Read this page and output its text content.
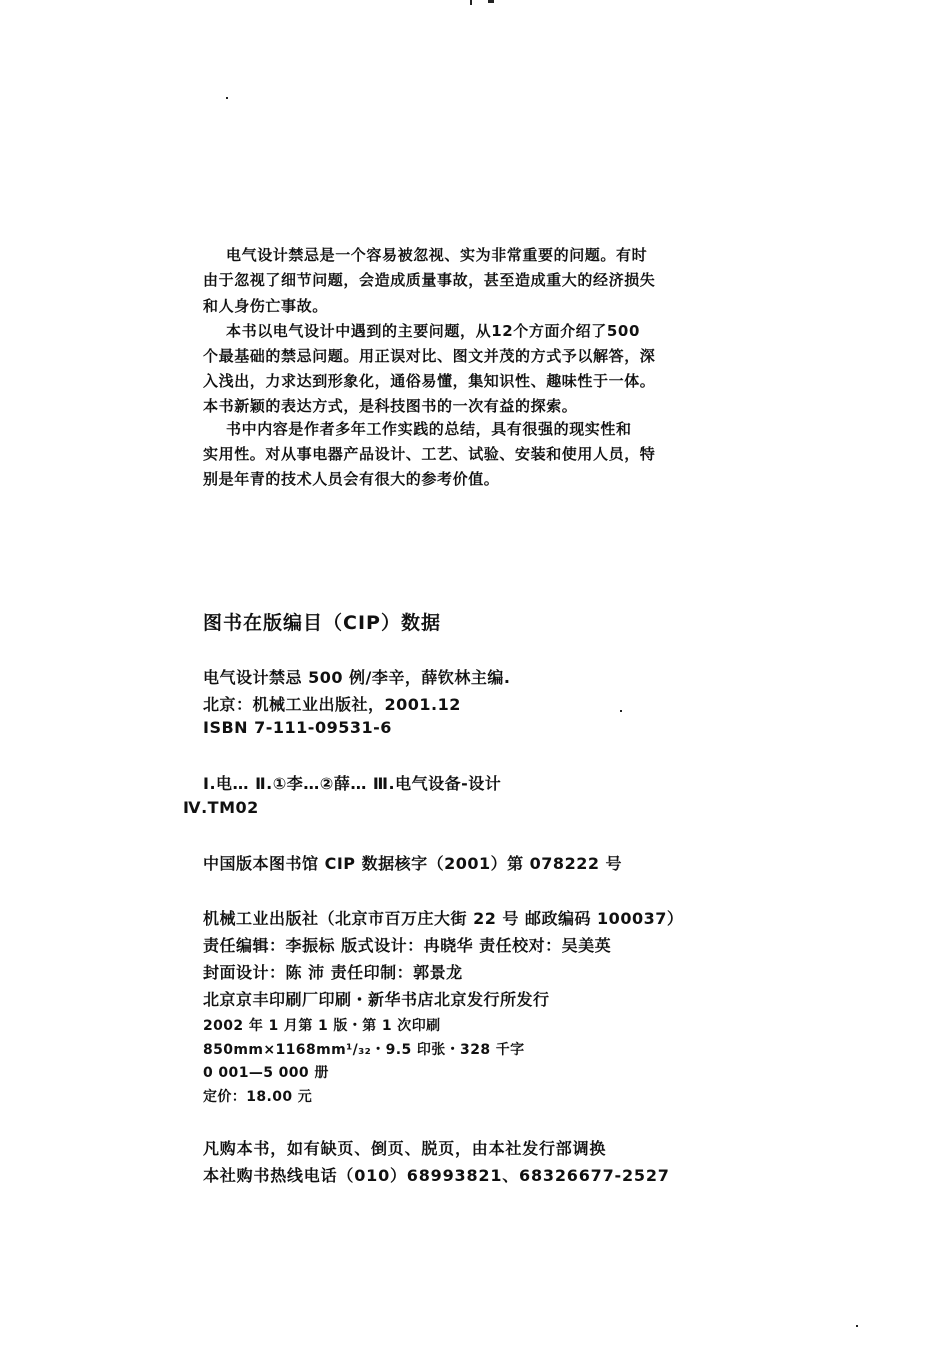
电气设计禁忌是一个容易被忽视、实为非常重要的问题。有时
由于忽视了细节问题，会造成质量事故，甚至造成重大的经济损失
和人身伤亡事故。
本书以电气设计中遇到的主要问题，从12个方面介绍了500
个最基础的禁忌问题。用正误对比、图文并茂的方式予以解答，深
入浅出，力求达到形象化，通俗易懂，集知识性、趣味性于一体。
本书新颖的表达方式，是科技图书的一次有益的探索。
书中内容是作者多年工作实践的总结，具有很强的现实性和
实用性。对从事电器产品设计、工艺、试验、安装和使用人员，特
别是年青的技术人员会有很大的参考价值。
图书在版编目（CIP）数据
电气设计禁忌 500 例/李辛，薛钦林主编.
北京：机械工业出版社，2001.12
ISBN 7-111-09531-6
Ⅰ.电… Ⅱ.①李…②薛… Ⅲ.电气设备-设计
Ⅳ.TM02
中国版本图书馆 CIP 数据核字（2001）第 078222 号
机械工业出版社（北京市百万庄大街 22 号 邮政编码 100037）
责任编辑：李振标 版式设计：冉晓华 责任校对：吴美英
封面设计：陈 沛 责任印制：郭景龙
北京京丰印刷厂印刷・新华书店北京发行所发行
2002 年 1 月第 1 版・第 1 次印刷
850mm×1168mm¹/₃₂・9.5 印张・328 千字
0 001—5 000 册
定价：18.00 元
凡购本书，如有缺页、倒页、脱页，由本社发行部调换
本社购书热线电话（010）68993821、68326677-2527
